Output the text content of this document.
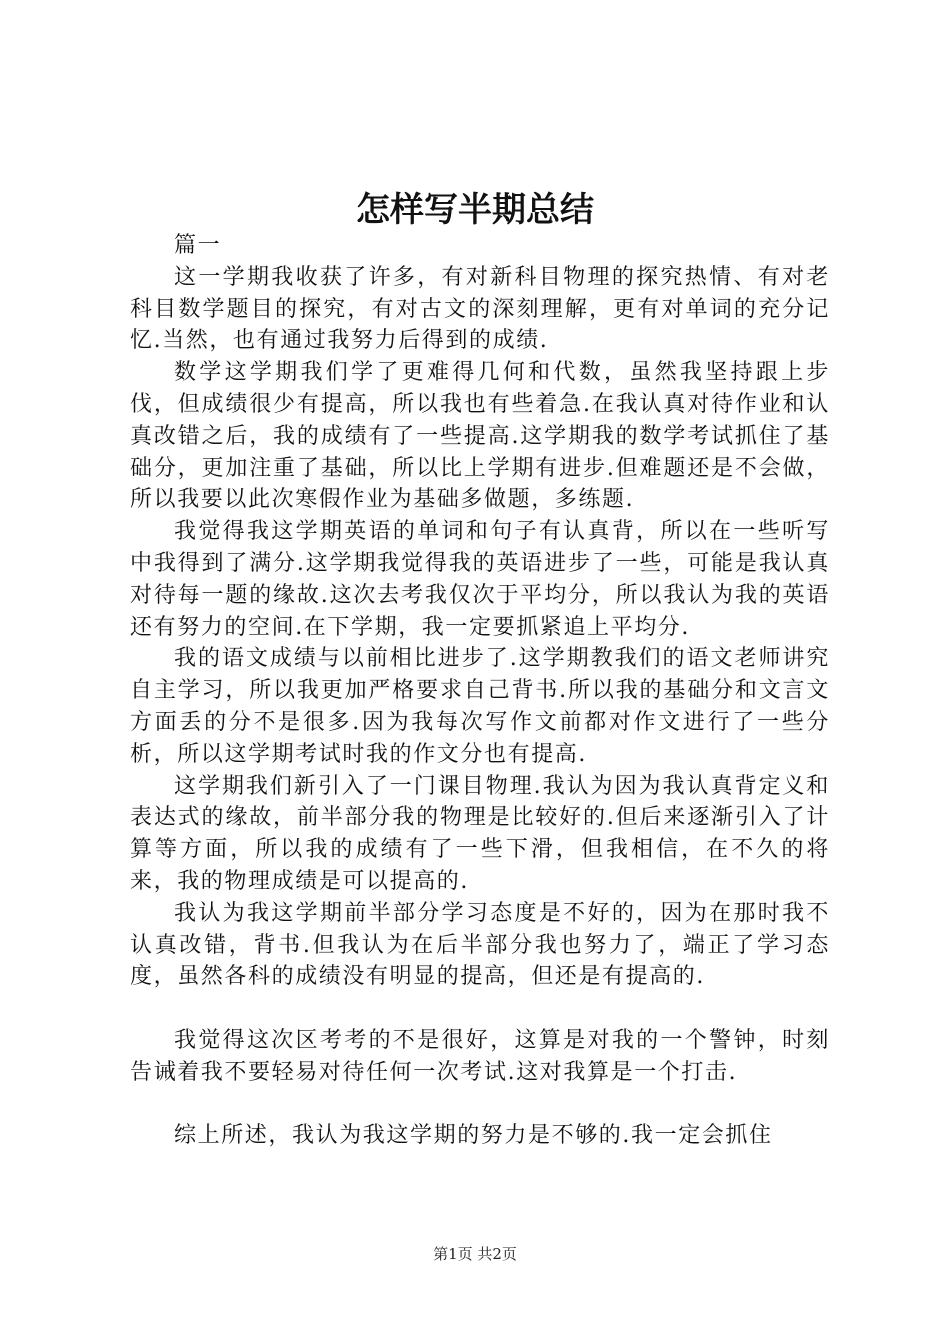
怎样写半期总结

篇一

这一学期我收获了许多，有对新科目物理的探究热情、有对老科目数学题目的探究，有对古文的深刻理解，更有对单词的充分记忆.当然，也有通过我努力后得到的成绩.

数学这学期我们学了更难得几何和代数，虽然我坚持跟上步伐，但成绩很少有提高，所以我也有些着急.在我认真对待作业和认真改错之后，我的成绩有了一些提高.这学期我的数学考试抓住了基础分，更加注重了基础，所以比上学期有进步.但难题还是不会做，所以我要以此次寒假作业为基础多做题，多练题.

我觉得我这学期英语的单词和句子有认真背，所以在一些听写中我得到了满分.这学期我觉得我的英语进步了一些，可能是我认真对待每一题的缘故.这次去考我仅次于平均分，所以我认为我的英语还有努力的空间.在下学期，我一定要抓紧追上平均分.

我的语文成绩与以前相比进步了.这学期教我们的语文老师讲究自主学习，所以我更加严格要求自己背书.所以我的基础分和文言文方面丢的分不是很多.因为我每次写作文前都对作文进行了一些分析，所以这学期考试时我的作文分也有提高.

这学期我们新引入了一门课目物理.我认为因为我认真背定义和表达式的缘故，前半部分我的物理是比较好的.但后来逐渐引入了计算等方面，所以我的成绩有了一些下滑，但我相信，在不久的将来，我的物理成绩是可以提高的.

我认为我这学期前半部分学习态度是不好的，因为在那时我不认真改错，背书.但我认为在后半部分我也努力了，端正了学习态度，虽然各科的成绩没有明显的提高，但还是有提高的.

我觉得这次区考考的不是很好，这算是对我的一个警钟，时刻告诫着我不要轻易对待任何一次考试.这对我算是一个打击.

综上所述，我认为我这学期的努力是不够的.我一定会抓住

第1页 共2页
